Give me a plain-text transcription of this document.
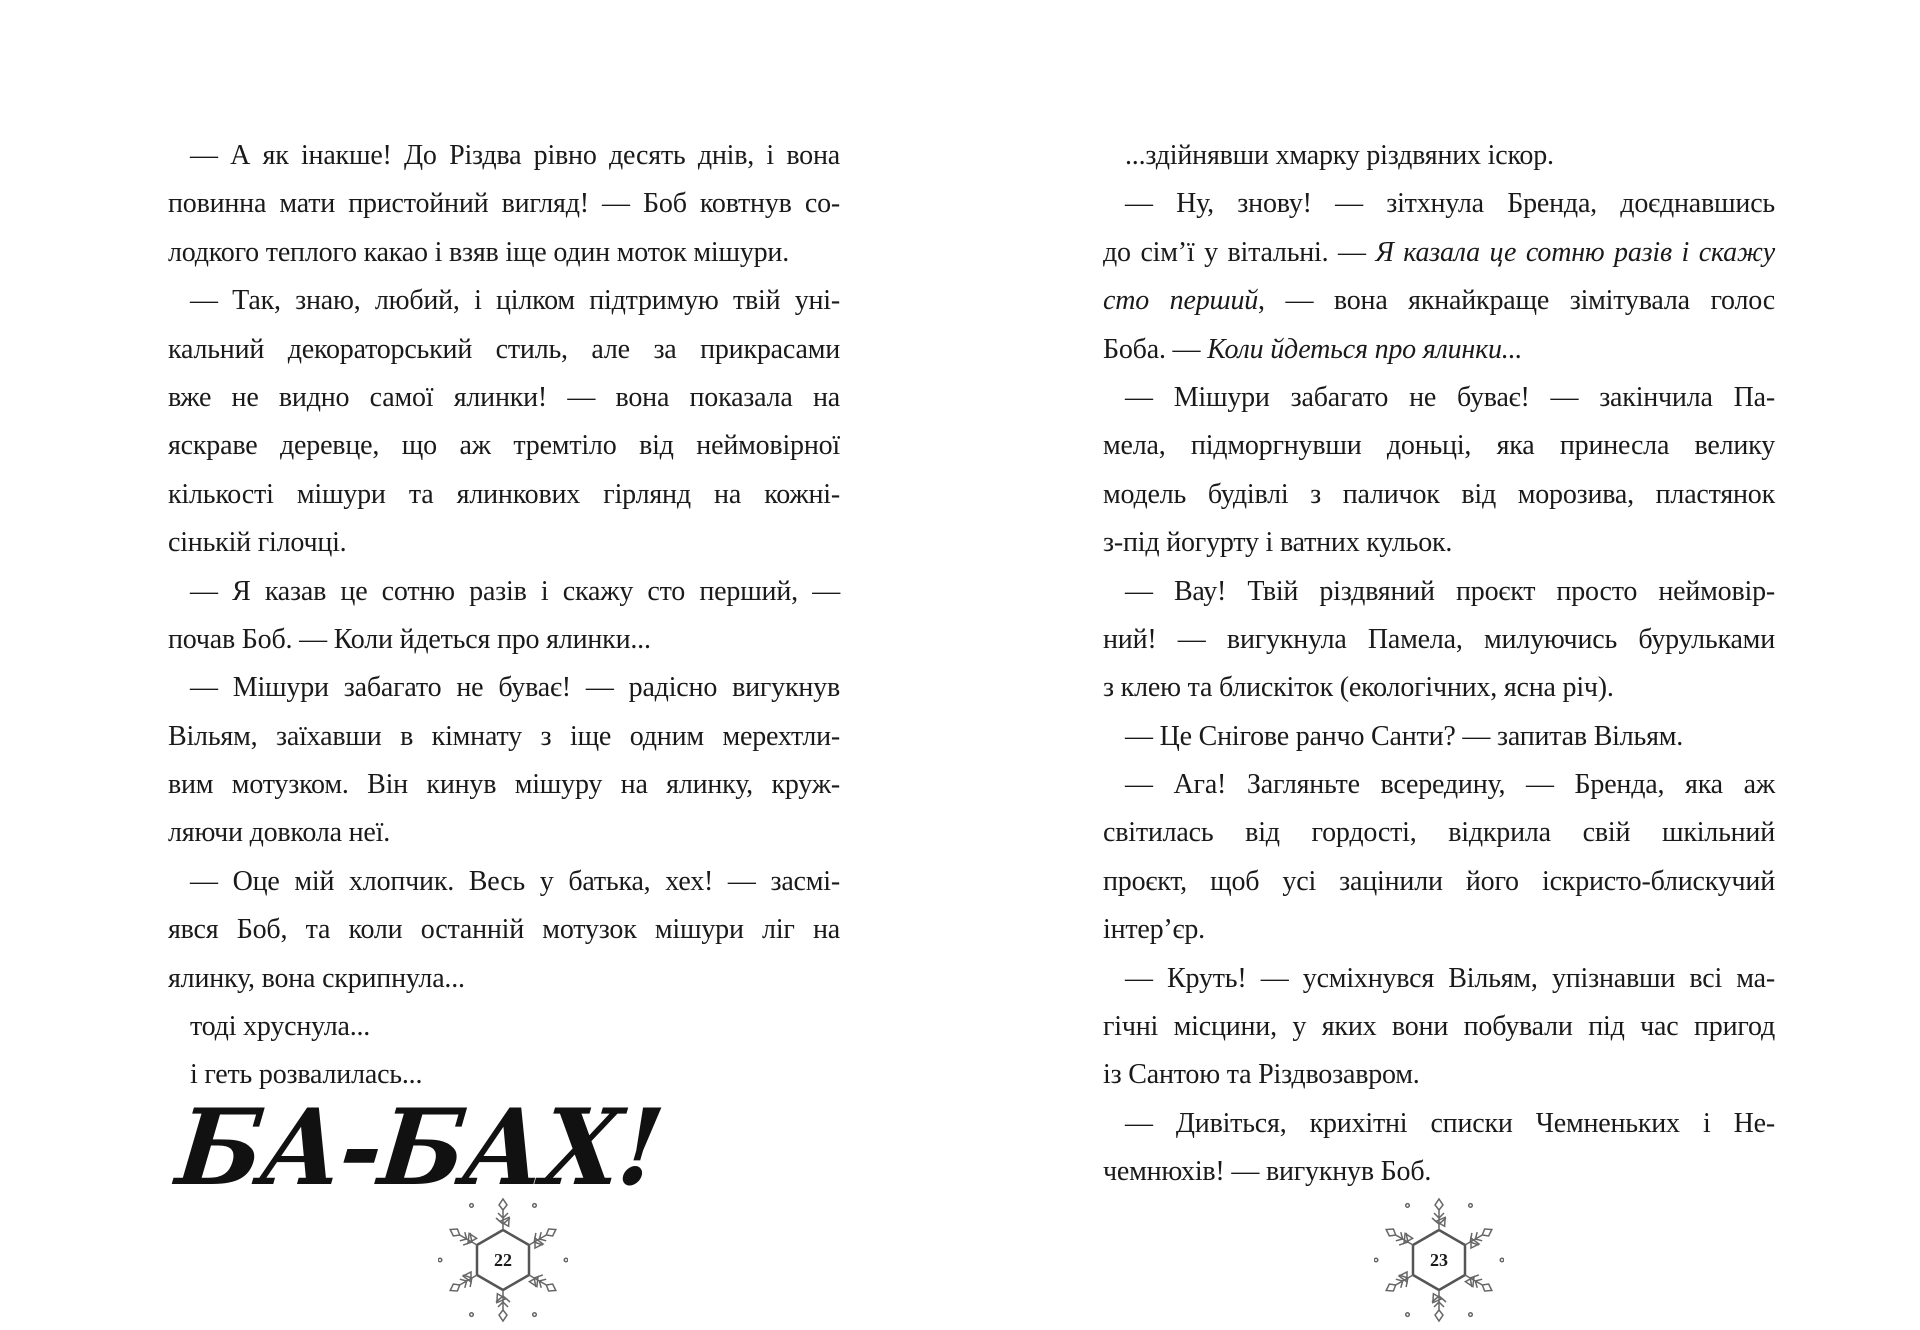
— А як інакше! До Різдва рівно десять днів, і вона
повинна мати пристойний вигляд! — Боб ковтнув со-
лодкого теплого какао і взяв іще один моток мішури.
— Так, знаю, любий, і цілком підтримую твій уні-
кальний декораторський стиль, але за прикрасами
вже не видно самої ялинки! — вона показала на
яскраве деревце, що аж тремтіло від неймовірної
кількості мішури та ялинкових гірлянд на кожні-
сінькій гілочці.
— Я казав це сотню разів і скажу сто перший, —
почав Боб. — Коли йдеться про ялинки...
— Мішури забагато не буває! — радісно вигукнув
Вільям, заїхавши в кімнату з іще одним мерехтли-
вим мотузком. Він кинув мішуру на ялинку, круж-
ляючи довкола неї.
— Оце мій хлопчик. Весь у батька, хех! — засмі-
явся Боб, та коли останній мотузок мішури ліг на
ялинку, вона скрипнула...
тоді хруснула...
і геть розвалилась...
...здійнявши хмарку різдвяних іскор.
— Ну, знову! — зітхнула Бренда, доєднавшись
до сім’ї у вітальні. — Я казала це сотню разів і скажу
сто перший, — вона якнайкраще зімітувала голос
Боба. — Коли йдеться про ялинки...
— Мішури забагато не буває! — закінчила Па-
мела, підморгнувши доньці, яка принесла велику
модель будівлі з паличок від морозива, пластянок
з-під йогурту і ватних кульок.
— Вау! Твій різдвяний проєкт просто неймовір-
ний! — вигукнула Памела, милуючись бурульками
з клею та блискіток (екологічних, ясна річ).
— Це Снігове ранчо Санти? — запитав Вільям.
— Ага! Загляньте всередину, — Бренда, яка аж
світилась від гордості, відкрила свій шкільний
проєкт, щоб усі зацінили його іскристо-блискучий
інтер’єр.
— Круть! — усміхнувся Вільям, упізнавши всі ма-
гічні місцини, у яких вони побували під час пригод
із Сантою та Різдвозавром.
— Дивіться, крихітні списки Чемненьких і Не-
чемнюхів! — вигукнув Боб.
БА-БАХ!
22	23
